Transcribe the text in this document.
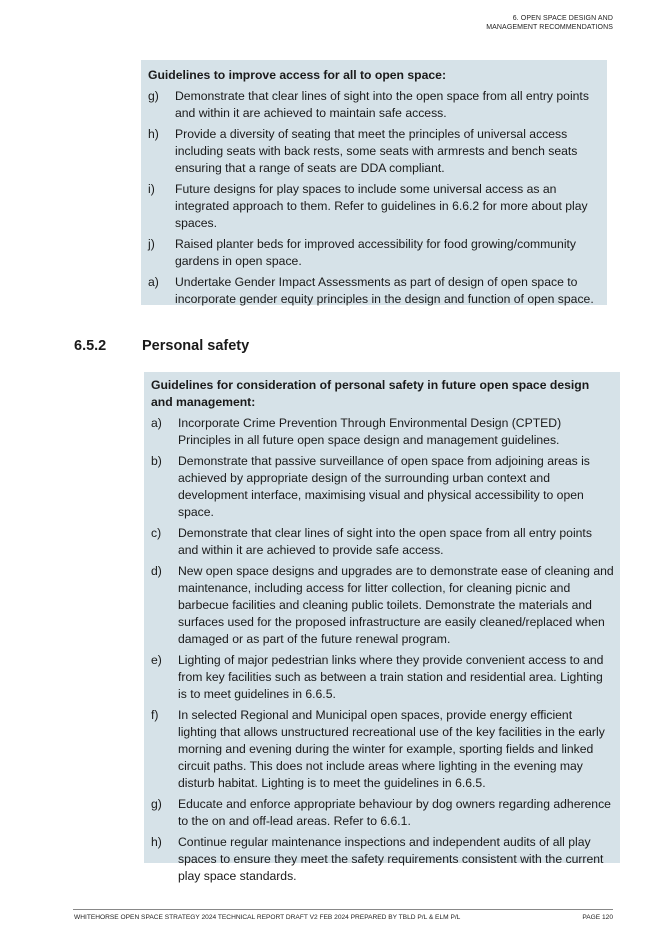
6. OPEN SPACE DESIGN AND
MANAGEMENT RECOMMENDATIONS
Guidelines to improve access for all to open space:
g)	Demonstrate that clear lines of sight into the open space from all entry points and within it are achieved to maintain safe access.
h)	Provide a diversity of seating that meet the principles of universal access including seats with back rests, some seats with armrests and bench seats ensuring that a range of seats are DDA compliant.
i)	Future designs for play spaces to include some universal access as an integrated approach to them. Refer to guidelines in 6.6.2 for more about play spaces.
j)	Raised planter beds for improved accessibility for food growing/community gardens in open space.
a)	Undertake Gender Impact Assessments as part of design of open space to incorporate gender equity principles in the design and function of open space.
6.5.2 Personal safety
Guidelines for consideration of personal safety in future open space design and management:
a)	Incorporate Crime Prevention Through Environmental Design (CPTED) Principles in all future open space design and management guidelines.
b)	Demonstrate that passive surveillance of open space from adjoining areas is achieved by appropriate design of the surrounding urban context and development interface, maximising visual and physical accessibility to open space.
c)	Demonstrate that clear lines of sight into the open space from all entry points and within it are achieved to provide safe access.
d)	New open space designs and upgrades are to demonstrate ease of cleaning and maintenance, including access for litter collection, for cleaning picnic and barbecue facilities and cleaning public toilets. Demonstrate the materials and surfaces used for the proposed infrastructure are easily cleaned/replaced when damaged or as part of the future renewal program.
e)	Lighting of major pedestrian links where they provide convenient access to and from key facilities such as between a train station and residential area. Lighting is to meet guidelines in 6.6.5.
f)	In selected Regional and Municipal open spaces, provide energy efficient lighting that allows unstructured recreational use of the key facilities in the early morning and evening during the winter for example, sporting fields and linked circuit paths. This does not include areas where lighting in the evening may disturb habitat. Lighting is to meet the guidelines in 6.6.5.
g)	Educate and enforce appropriate behaviour by dog owners regarding adherence to the on and off-lead areas. Refer to 6.6.1.
h)	Continue regular maintenance inspections and independent audits of all play spaces to ensure they meet the safety requirements consistent with the current play space standards.
WHITEHORSE OPEN SPACE STRATEGY 2024 TECHNICAL REPORT DRAFT V2 FEB 2024 PREPARED BY TBLD P/L & ELM P/L	PAGE 120
